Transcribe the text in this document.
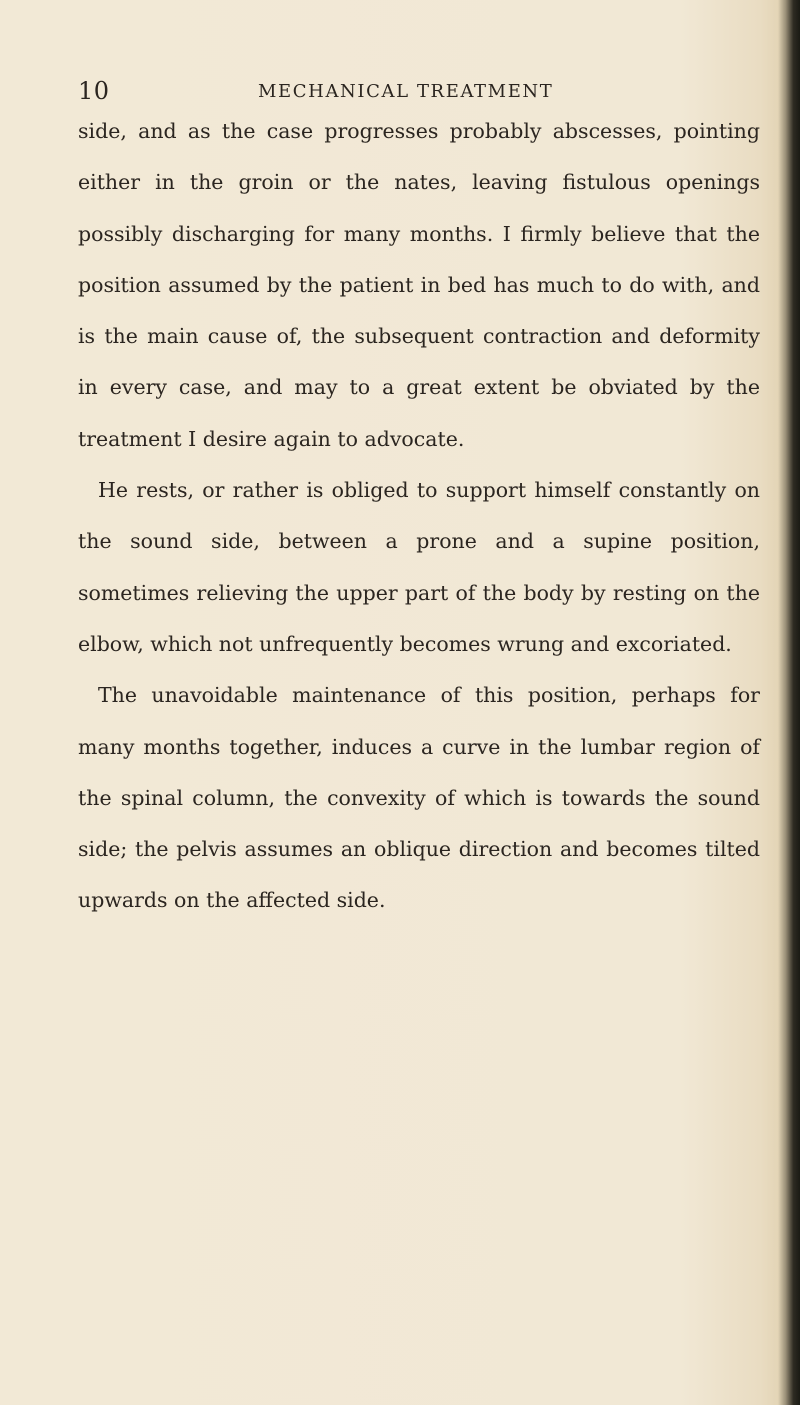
10	MECHANICAL TREATMENT

side, and as the case progresses probably abscesses, pointing either in the groin or the nates, leaving fistulous openings possibly discharging for many months. I firmly believe that the position assumed by the patient in bed has much to do with, and is the main cause of, the subsequent contraction and deformity in every case, and may to a great extent be obviated by the treatment I desire again to advocate.

He rests, or rather is obliged to support himself constantly on the sound side, between a prone and a supine position, sometimes relieving the upper part of the body by resting on the elbow, which not unfrequently becomes wrung and excoriated.

The unavoidable maintenance of this position, perhaps for many months together, induces a curve in the lumbar region of the spinal column, the convexity of which is towards the sound side; the pelvis assumes an oblique direction and becomes tilted upwards on the affected side.
